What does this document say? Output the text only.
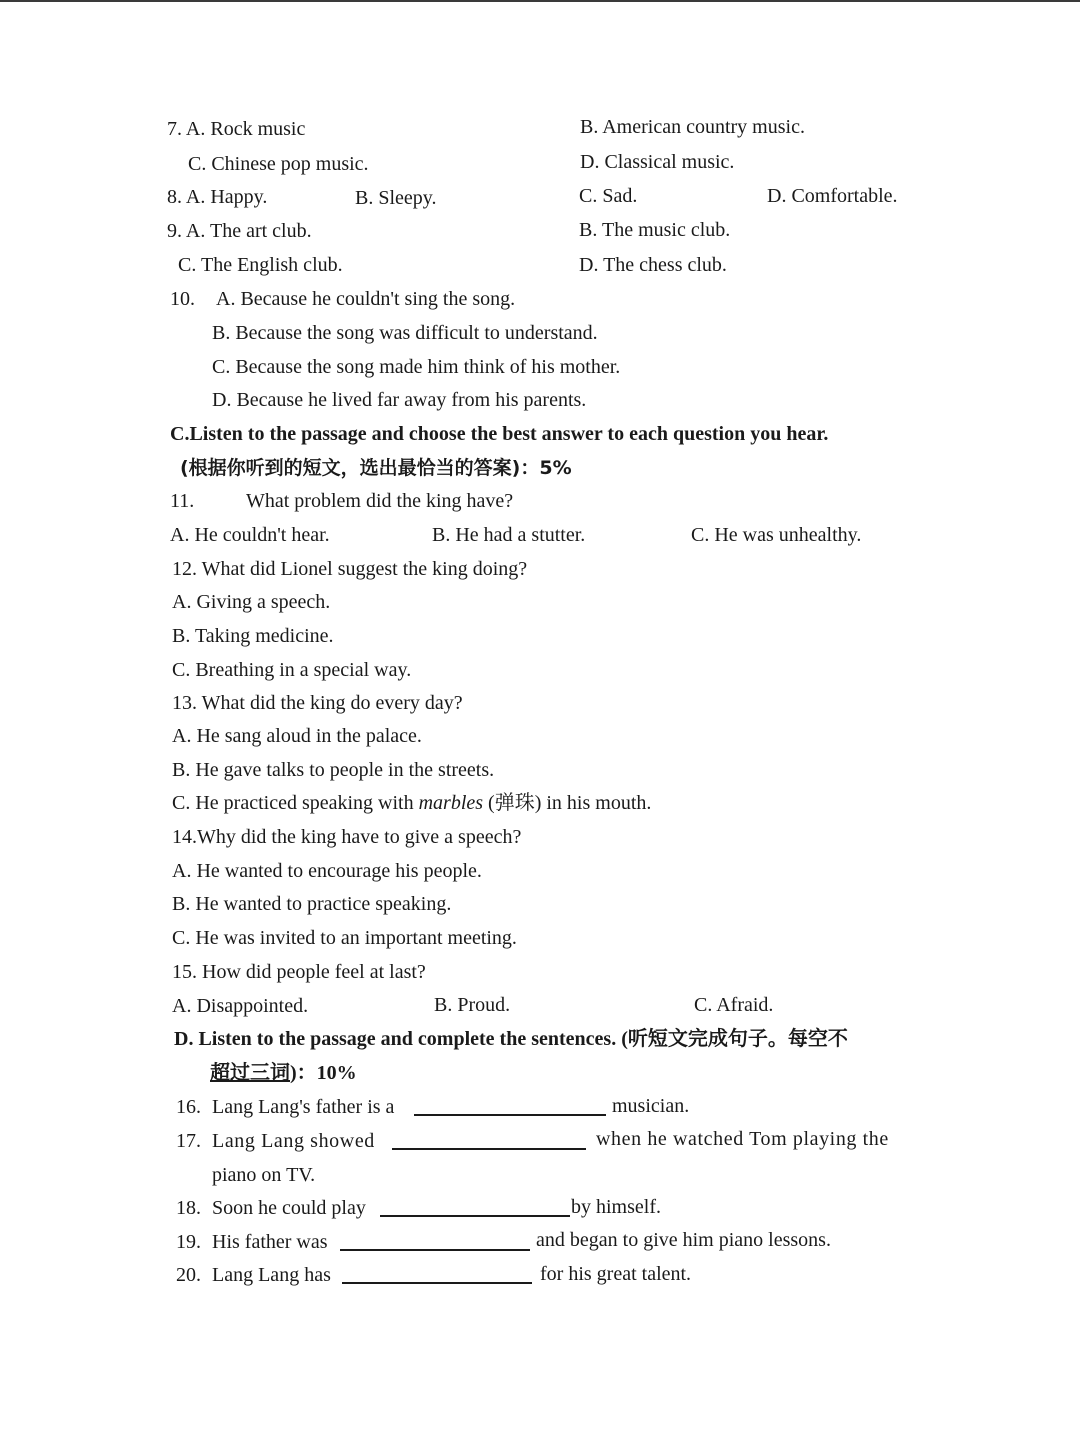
7. A. Rock music	B. American country music.
C. Chinese pop music.	D. Classical music.
8. A. Happy.	B. Sleepy.	C. Sad.	D. Comfortable.
9. A. The art club.	B. The music club.
C. The English club.	D. The chess club.
10. A. Because he couldn't sing the song.
B. Because the song was difficult to understand.
C. Because the song made him think of his mother.
D. Because he lived far away from his parents.
C.Listen to the passage and choose the best answer to each question you hear.
(根据你听到的短文，选出最恰当的答案)：5%
11.	What problem did the king have?
A. He couldn't hear.	B. He had a stutter.	C. He was unhealthy.
12. What did Lionel suggest the king doing?
A. Giving a speech.
B. Taking medicine.
C. Breathing in a special way.
13. What did the king do every day?
A. He sang aloud in the palace.
B. He gave talks to people in the streets.
C. He practiced speaking with marbles (弹珠) in his mouth.
14.Why did the king have to give a speech?
A. He wanted to encourage his people.
B. He wanted to practice speaking.
C. He was invited to an important meeting.
15. How did people feel at last?
A. Disappointed.	B. Proud.	C. Afraid.
D. Listen to the passage and complete the sentences. (听短文完成句子。每空不
超过三词)：10%
16. Lang Lang's father is a	musician.
17. Lang Lang showed	when he watched Tom playing the
piano on TV.
18. Soon he could play	by himself.
19. His father was	and began to give him piano lessons.
20. Lang Lang has	for his great talent.
